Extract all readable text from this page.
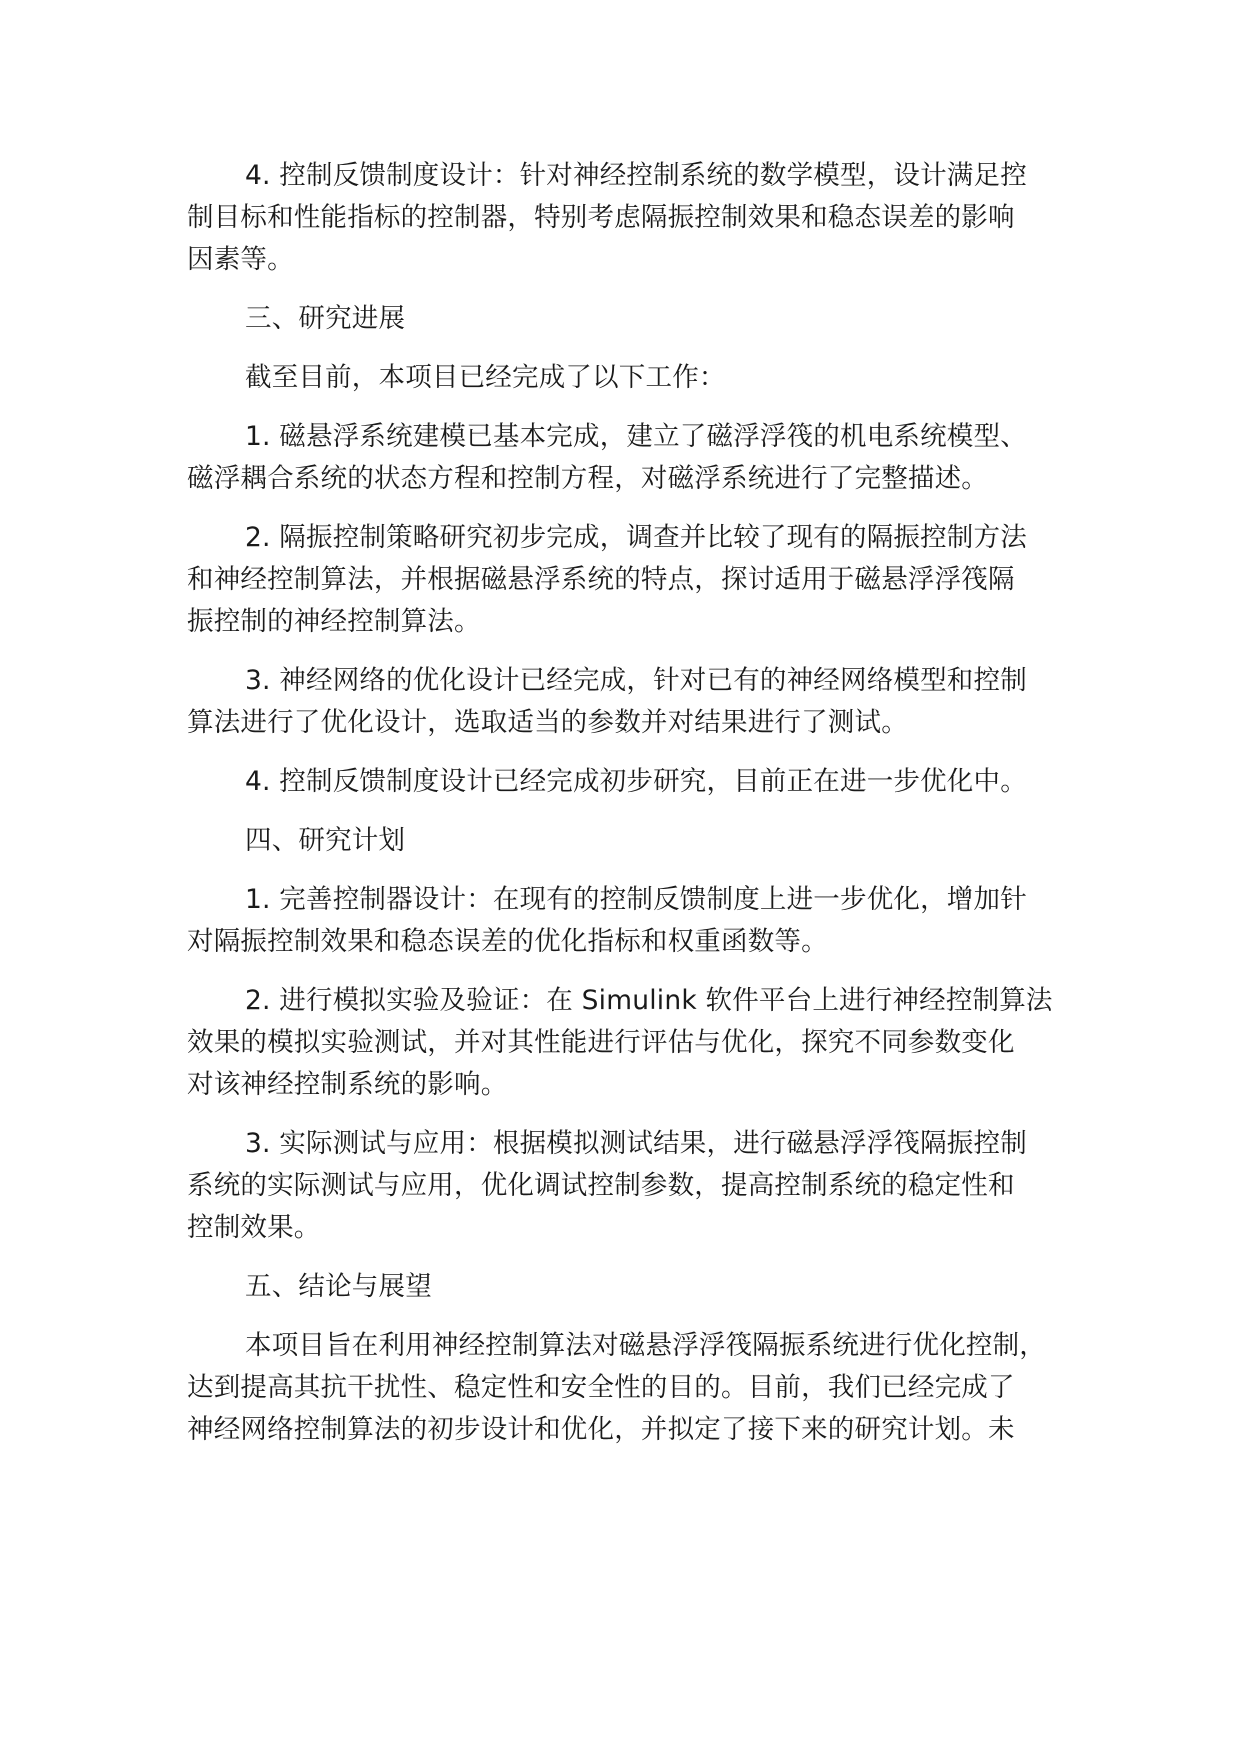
4. 控制反馈制度设计：针对神经控制系统的数学模型，设计满足控
制目标和性能指标的控制器，特别考虑隔振控制效果和稳态误差的影响
因素等。
三、研究进展
截至目前，本项目已经完成了以下工作：
1. 磁悬浮系统建模已基本完成，建立了磁浮浮筏的机电系统模型、
磁浮耦合系统的状态方程和控制方程，对磁浮系统进行了完整描述。
2. 隔振控制策略研究初步完成，调查并比较了现有的隔振控制方法
和神经控制算法，并根据磁悬浮系统的特点，探讨适用于磁悬浮浮筏隔
振控制的神经控制算法。
3. 神经网络的优化设计已经完成，针对已有的神经网络模型和控制
算法进行了优化设计，选取适当的参数并对结果进行了测试。
4. 控制反馈制度设计已经完成初步研究，目前正在进一步优化中。
四、研究计划
1. 完善控制器设计：在现有的控制反馈制度上进一步优化，增加针
对隔振控制效果和稳态误差的优化指标和权重函数等。
2. 进行模拟实验及验证：在 Simulink 软件平台上进行神经控制算法
效果的模拟实验测试，并对其性能进行评估与优化，探究不同参数变化
对该神经控制系统的影响。
3. 实际测试与应用：根据模拟测试结果，进行磁悬浮浮筏隔振控制
系统的实际测试与应用，优化调试控制参数，提高控制系统的稳定性和
控制效果。
五、结论与展望
本项目旨在利用神经控制算法对磁悬浮浮筏隔振系统进行优化控制，
达到提高其抗干扰性、稳定性和安全性的目的。目前，我们已经完成了
神经网络控制算法的初步设计和优化，并拟定了接下来的研究计划。未
